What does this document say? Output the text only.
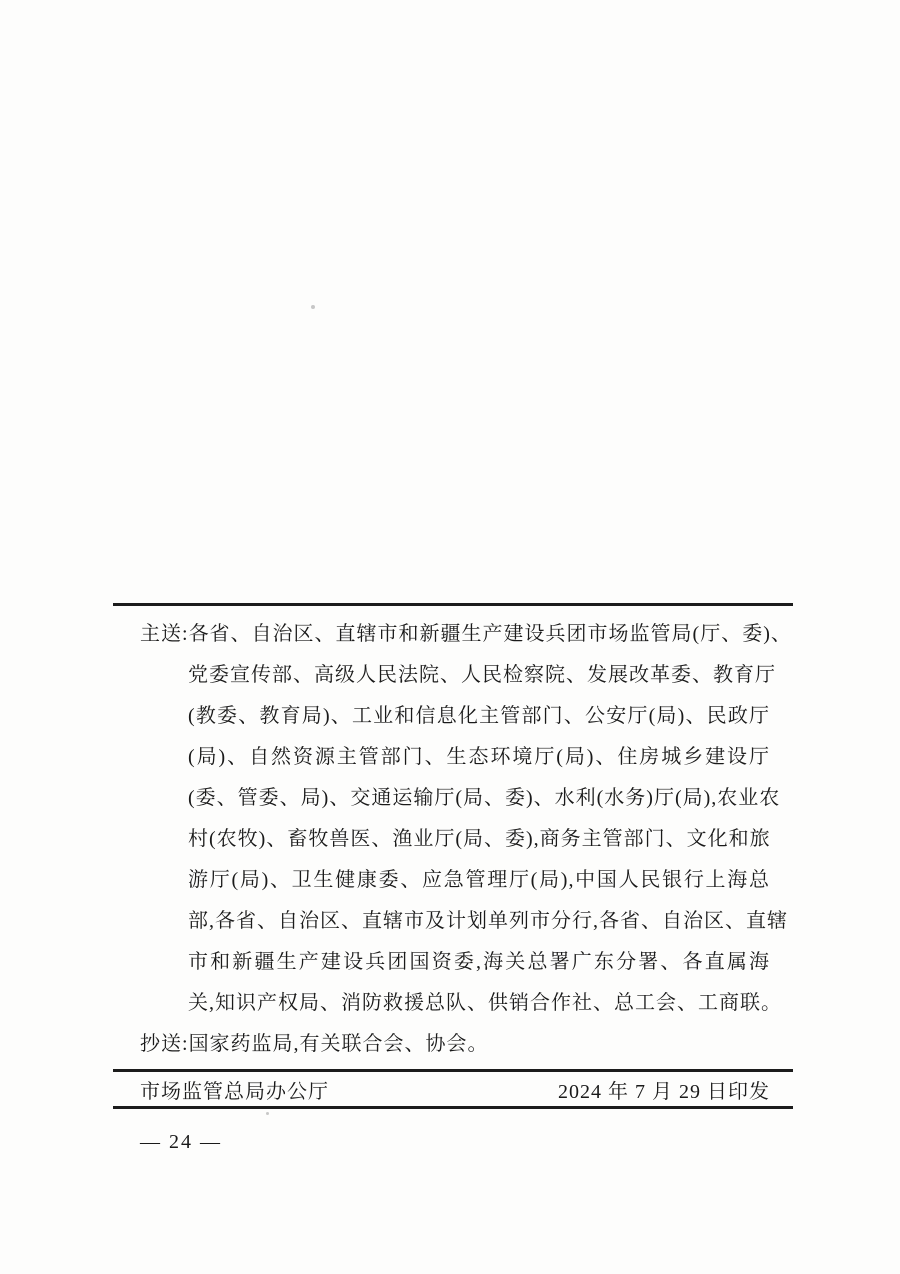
主送:各省、自治区、直辖市和新疆生产建设兵团市场监管局(厅、委)、
党委宣传部、高级人民法院、人民检察院、发展改革委、教育厅
(教委、教育局)、工业和信息化主管部门、公安厅(局)、民政厅
(局)、自然资源主管部门、生态环境厅(局)、住房城乡建设厅
(委、管委、局)、交通运输厅(局、委)、水利(水务)厅(局),农业农
村(农牧)、畜牧兽医、渔业厅(局、委),商务主管部门、文化和旅
游厅(局)、卫生健康委、应急管理厅(局),中国人民银行上海总
部,各省、自治区、直辖市及计划单列市分行,各省、自治区、直辖
市和新疆生产建设兵团国资委,海关总署广东分署、各直属海
关,知识产权局、消防救援总队、供销合作社、总工会、工商联。
抄送:国家药监局,有关联合会、协会。
市场监管总局办公厅	2024 年 7 月 29 日印发
— 24 —
